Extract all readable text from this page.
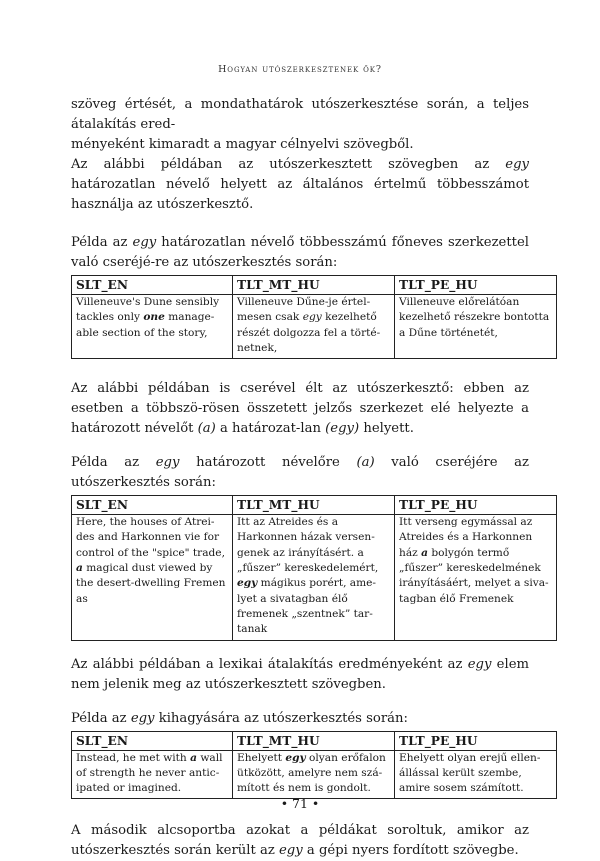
Hogyan utószerkesztenek ők?

szöveg értését, a mondathatárok utószerkesztése során, a teljes átalakítás ered-

ményeként kimaradt a magyar célnyelvi szövegből.

Az alábbi példában az utószerkesztett szövegben az egy határozatlan névelő helyett az általános értelmű többesszámot használja az utószerkesztő.

Példa az egy határozatlan névelő többesszámú főneves szerkezettel való cseréjé-re az utószerkesztés során:

SLT_EN	TLT_MT_HU	TLT_PE_HU
Villeneuve's Dune sensibly tackles only one manage-able section of the story,	Villeneuve Dűne-je értel-mesen csak egy kezelhető részét dolgozza fel a törté-netnek,	Villeneuve előrelátóan kezelhető részekre bontotta a Dűne történetét,

Az alábbi példában is cserével élt az utószerkesztő: ebben az esetben a többszö-rösen összetett jelzős szerkezet elé helyezte a határozott névelőt (a) a határozat-lan (egy) helyett.

Példa az egy határozott névelőre (a) való cseréjére az utószerkesztés során:

SLT_EN	TLT_MT_HU	TLT_PE_HU
Here, the houses of Atrei-des and Harkonnen vie for control of the "spice" trade, a magical dust viewed by the desert-dwelling Fremen as	Itt az Atreides és a Harkonnen házak versen-genek az irányításért. a „fűszer” kereskedelemért, egy mágikus porért, ame-lyet a sivatagban élő fremenek „szentnek” tar-tanak	Itt verseng egymással az Atreides és a Harkonnen ház a bolygón termő „fűszer” kereskedelmének irányításáért, melyet a siva-tagban élő Fremenek

Az alábbi példában a lexikai átalakítás eredményeként az egy elem nem jelenik meg az utószerkesztett szövegben.

Példa az egy kihagyására az utószerkesztés során:

SLT_EN	TLT_MT_HU	TLT_PE_HU
Instead, he met with a wall of strength he never antic-ipated or imagined.	Ehelyett egy olyan erőfalon ütközött, amelyre nem szá-mított és nem is gondolt.	Ehelyett olyan erejű ellen-állással került szembe, amire sosem számított.

A második alcsoportba azokat a példákat soroltuk, amikor az utószerkesztés során került az egy a gépi nyers fordított szövegbe.

• 71 •
